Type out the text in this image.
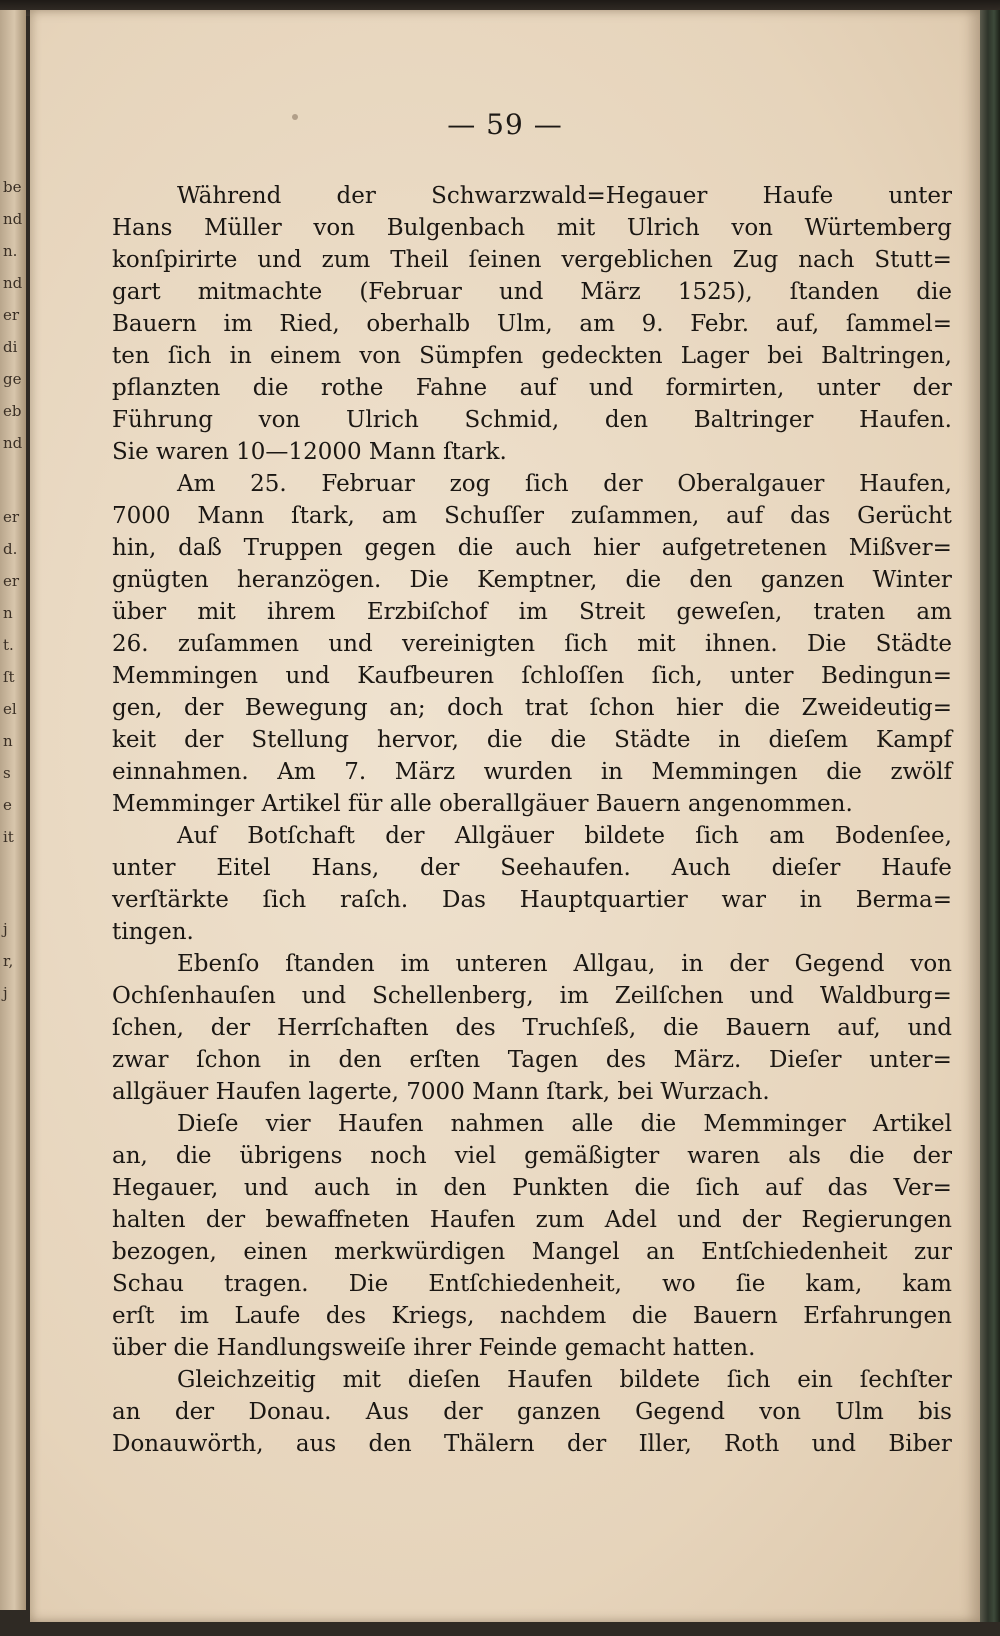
be
nd
n.
nd
er
di
ge
eb
nd
er
d.
er
n
t.
ſt
el
n
s
e
it
j
r,
j
— 59 —
Während der Schwarzwald=Hegauer Haufe unter
Hans Müller von Bulgenbach mit Ulrich von Würtemberg
konſpirirte und zum Theil ſeinen vergeblichen Zug nach Stutt=
gart mitmachte (Februar und März 1525), ſtanden die
Bauern im Ried, oberhalb Ulm, am 9. Febr. auf, ſammel=
ten ſich in einem von Sümpfen gedeckten Lager bei Baltringen,
pflanzten die rothe Fahne auf und formirten, unter der
Führung von Ulrich Schmid, den Baltringer Haufen.
Sie waren 10—12000 Mann ſtark.
Am 25. Februar zog ſich der Oberalgauer Haufen,
7000 Mann ſtark, am Schuſſer zuſammen, auf das Gerücht
hin, daß Truppen gegen die auch hier aufgetretenen Mißver=
gnügten heranzögen. Die Kemptner, die den ganzen Winter
über mit ihrem Erzbiſchof im Streit geweſen, traten am
26. zuſammen und vereinigten ſich mit ihnen. Die Städte
Memmingen und Kaufbeuren ſchloſſen ſich, unter Bedingun=
gen, der Bewegung an; doch trat ſchon hier die Zweideutig=
keit der Stellung hervor, die die Städte in dieſem Kampf
einnahmen. Am 7. März wurden in Memmingen die zwölf
Memminger Artikel für alle oberallgäuer Bauern angenommen.
Auf Botſchaft der Allgäuer bildete ſich am Bodenſee,
unter Eitel Hans, der Seehaufen. Auch dieſer Haufe
verſtärkte ſich raſch. Das Hauptquartier war in Berma=
tingen.
Ebenſo ſtanden im unteren Allgau, in der Gegend von
Ochſenhauſen und Schellenberg, im Zeilſchen und Waldburg=
ſchen, der Herrſchaften des Truchſeß, die Bauern auf, und
zwar ſchon in den erſten Tagen des März. Dieſer unter=
allgäuer Haufen lagerte, 7000 Mann ſtark, bei Wurzach.
Dieſe vier Haufen nahmen alle die Memminger Artikel
an, die übrigens noch viel gemäßigter waren als die der
Hegauer, und auch in den Punkten die ſich auf das Ver=
halten der bewaffneten Haufen zum Adel und der Regierungen
bezogen, einen merkwürdigen Mangel an Entſchiedenheit zur
Schau tragen. Die Entſchiedenheit, wo ſie kam, kam
erſt im Laufe des Kriegs, nachdem die Bauern Erfahrungen
über die Handlungsweiſe ihrer Feinde gemacht hatten.
Gleichzeitig mit dieſen Haufen bildete ſich ein ſechſter
an der Donau. Aus der ganzen Gegend von Ulm bis
Donauwörth, aus den Thälern der Iller, Roth und Biber
